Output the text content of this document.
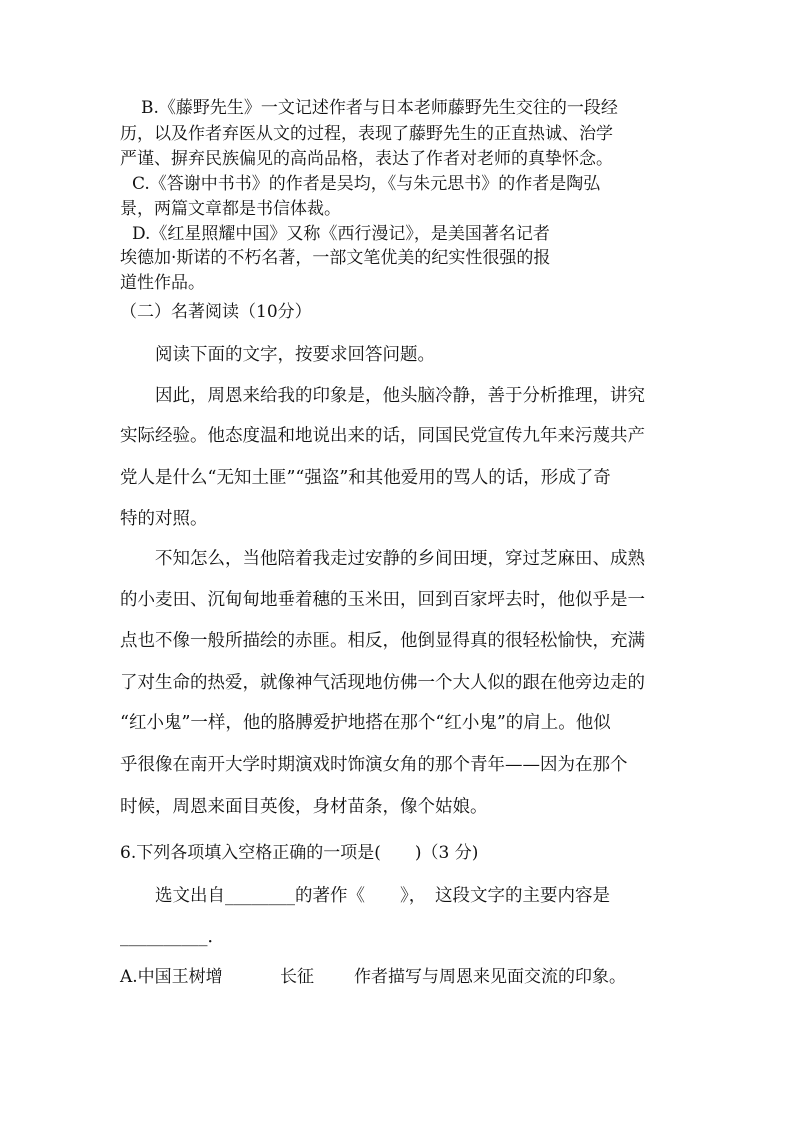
B.《藤野先生》一文记述作者与日本老师藤野先生交往的一段经

历，以及作者弃医从文的过程，表现了藤野先生的正直热诚、治学

严谨、摒弃民族偏见的高尚品格，表达了作者对老师的真挚怀念。

C.《答谢中书书》的作者是吴均，《与朱元思书》的作者是陶弘

景，两篇文章都是书信体裁。

D.《红星照耀中国》又称《西行漫记》，是美国著名记者

埃德加·斯诺的不朽名著，一部文笔优美的纪实性很强的报

道性作品。

（二）名著阅读（10分）

阅读下面的文字，按要求回答问题。

因此，周恩来给我的印象是，他头脑冷静，善于分析推理，讲究

实际经验。他态度温和地说出来的话，同国民党宣传九年来污蔑共产

党人是什么“无知土匪”“强盗”和其他爱用的骂人的话，形成了奇

特的对照。

不知怎么，当他陪着我走过安静的乡间田埂，穿过芝麻田、成熟

的小麦田、沉甸甸地垂着穗的玉米田，回到百家坪去时，他似乎是一

点也不像一般所描绘的赤匪。相反，他倒显得真的很轻松愉快，充满

了对生命的热爱，就像神气活现地仿佛一个大人似的跟在他旁边走的

“红小鬼”一样，他的胳膊爱护地搭在那个“红小鬼”的肩上。他似

乎很像在南开大学时期演戏时饰演女角的那个青年——因为在那个

时候，周恩来面目英俊，身材苗条，像个姑娘。

6.下列各项填入空格正确的一项是(　　)（3 分)

选文出自________的著作《　　》，　这段文字的主要内容是

__________．

A.中国王树增	长征 作者描写与周恩来见面交流的印象。
